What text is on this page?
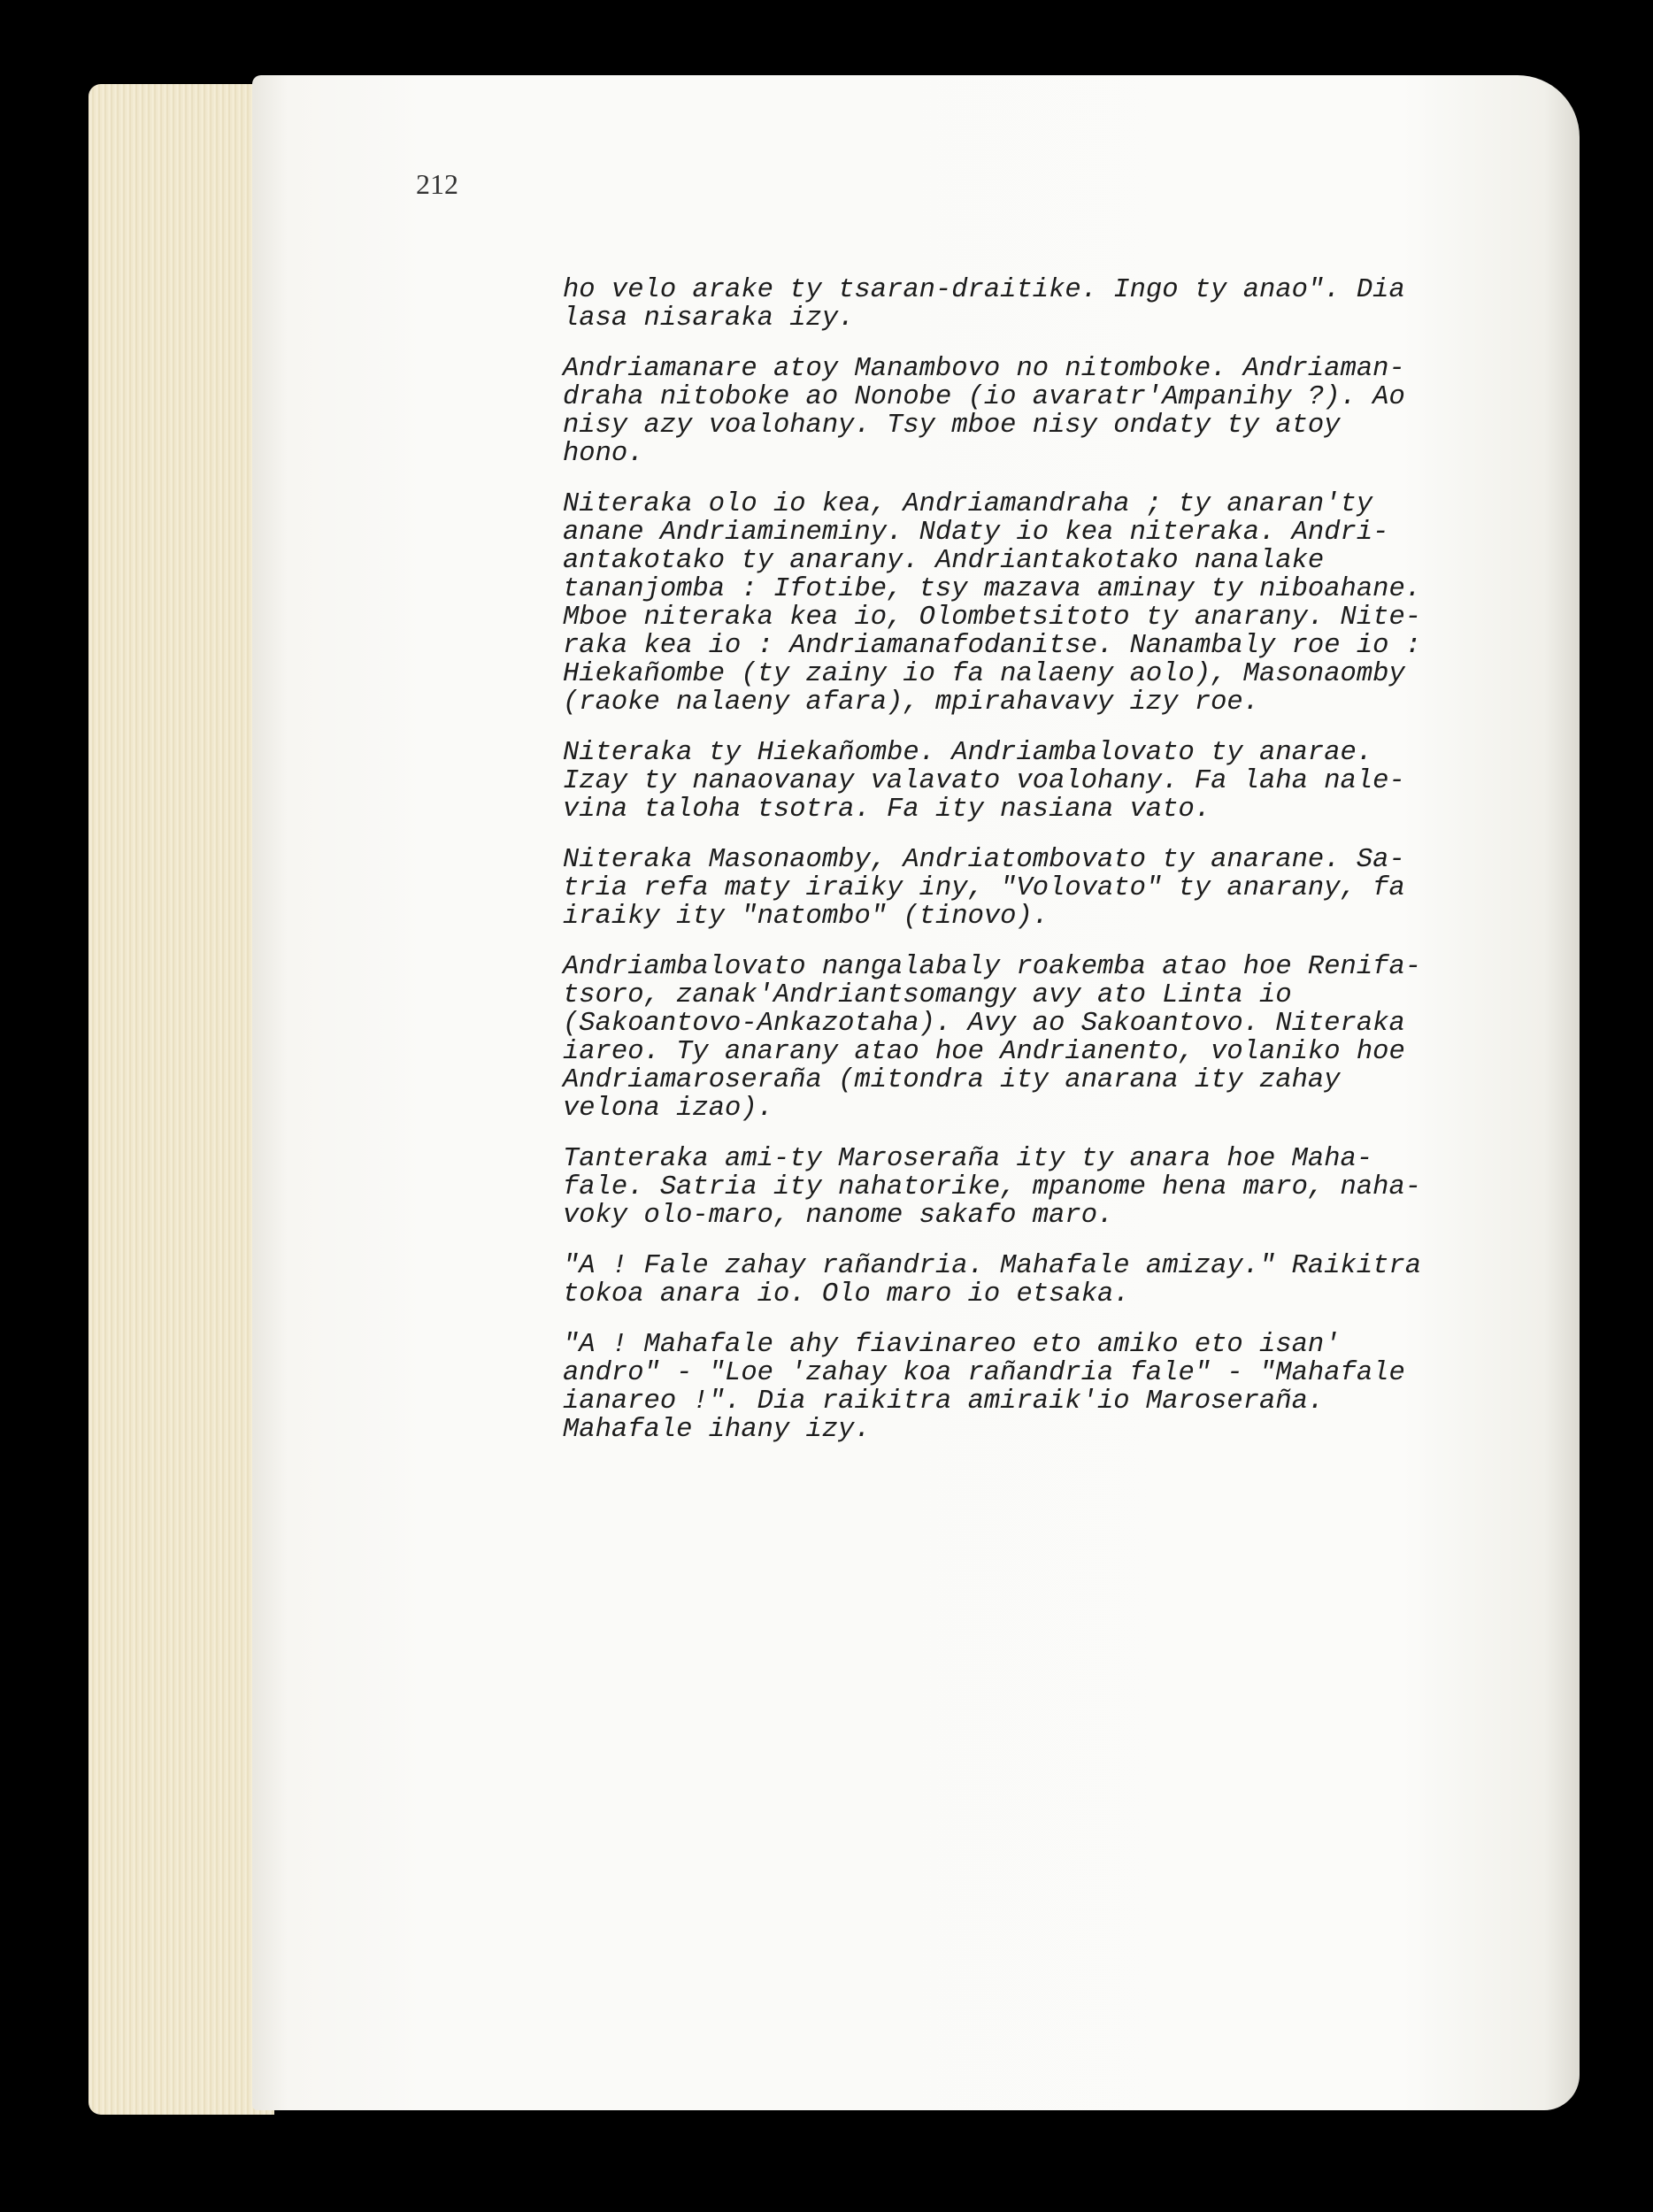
212

ho velo arake ty tsaran-draitike. Ingo ty anao". Dia
lasa nisaraka izy.

Andriamanare atoy Manambovo no nitomboke. Andriaman-
draha nitoboke ao Nonobe (io avaratr'Ampanihy ?). Ao
nisy azy voalohany. Tsy mboe nisy ondaty ty atoy
hono.

Niteraka olo io kea, Andriamandraha ; ty anaran'ty
anane Andriamineminy. Ndaty io kea niteraka. Andri-
antakotako ty anarany. Andriantakotako nanalake
tananjomba : Ifotibe, tsy mazava aminay ty niboahane.
Mboe niteraka kea io, Olombetsitoto ty anarany. Nite-
raka kea io : Andriamanafodanitse. Nanambaly roe io :
Hiekañombe (ty zainy io fa nalaeny aolo), Masonaomby
(raoke nalaeny afara), mpirahavavy izy roe.

Niteraka ty Hiekañombe. Andriambalovato ty anarae.
Izay ty nanaovanay valavato voalohany. Fa laha nale-
vina taloha tsotra. Fa ity nasiana vato.

Niteraka Masonaomby, Andriatombovato ty anarane. Sa-
tria refa maty iraiky iny, "Volovato" ty anarany, fa
iraiky ity "natombo" (tinovo).

Andriambalovato nangalabaly roakemba atao hoe Renifa-
tsoro, zanak'Andriantsomangy avy ato Linta io
(Sakoantovo-Ankazotaha). Avy ao Sakoantovo. Niteraka
iareo. Ty anarany atao hoe Andrianento, volaniko hoe
Andriamaroseraña (mitondra ity anarana ity zahay
velona izao).

Tanteraka ami-ty Maroseraña ity ty anara hoe Maha-
fale. Satria ity nahatorike, mpanome hena maro, naha-
voky olo-maro, nanome sakafo maro.

"A ! Fale zahay rañandria. Mahafale amizay." Raikitra
tokoa anara io. Olo maro io etsaka.

"A ! Mahafale ahy fiavinareo eto amiko eto isan'
andro" - "Loe 'zahay koa rañandria fale" - "Mahafale
ianareo !". Dia raikitra amiraik'io Maroseraña.
Mahafale ihany izy.
